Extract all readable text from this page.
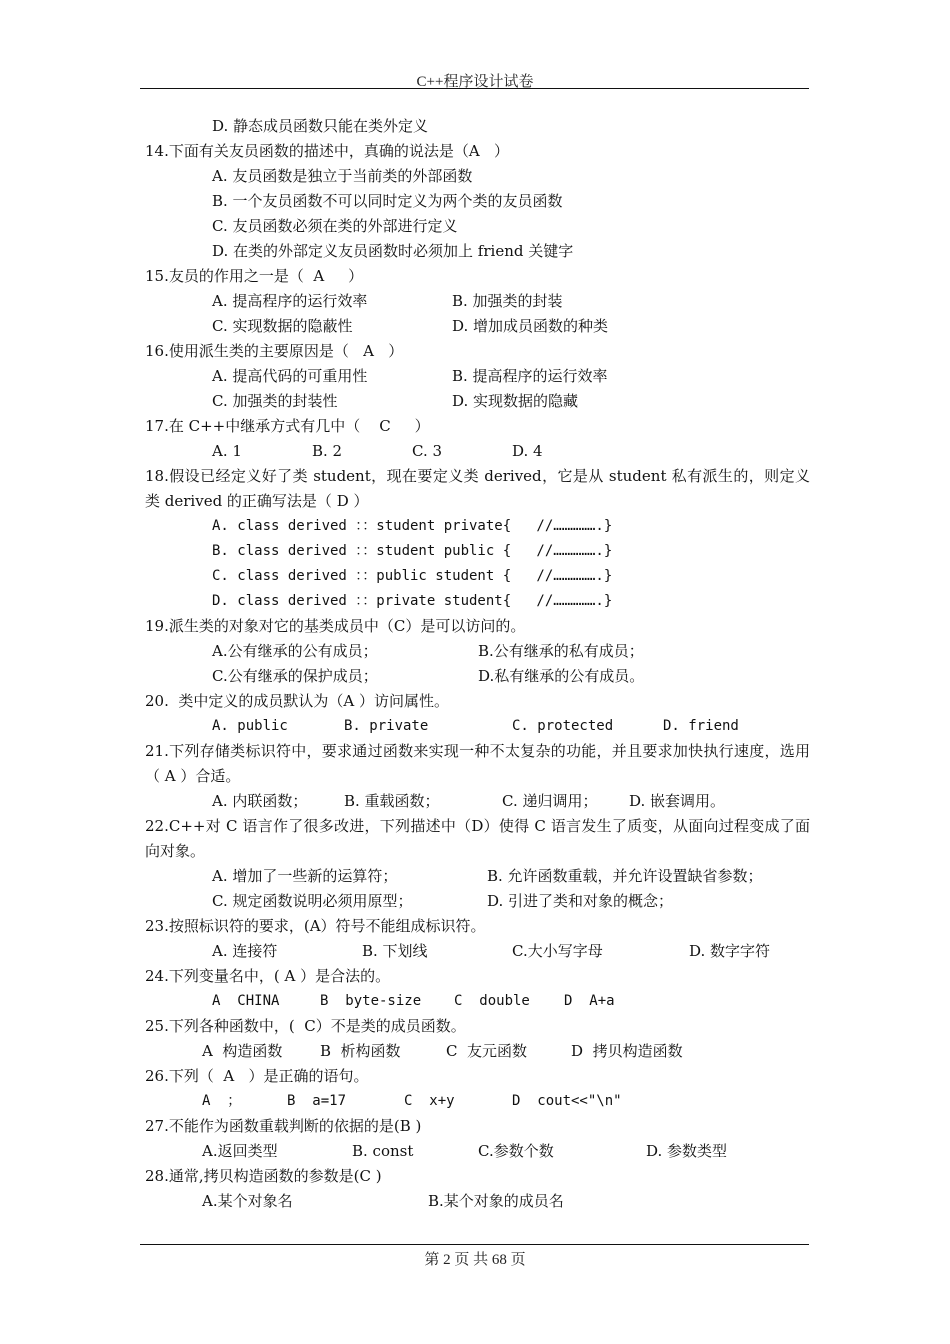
C++程序设计试卷
D. 静态成员函数只能在类外定义
14.下面有关友员函数的描述中，真确的说法是（A   ）
A. 友员函数是独立于当前类的外部函数
B. 一个友员函数不可以同时定义为两个类的友员函数
C. 友员函数必须在类的外部进行定义
D. 在类的外部定义友员函数时必须加上 friend 关键字
15.友员的作用之一是（  A     ）

A. 提高程序的运行效率

	B. 加强类的封装

C. 实现数据的隐蔽性

	D. 增加成员函数的种类

16.使用派生类的主要原因是（   A   ）

A. 提高代码的可重用性

	B. 提高程序的运行效率

C. 加强类的封装性

	D. 实现数据的隐藏

17.在 C++中继承方式有几中（    C     ）

A. 1

	B. 2

	C. 3

	D. 4

18.假设已经定义好了类 student，现在要定义类 derived，它是从 student 私有派生的，则定义类 derived 的正确写法是（ D ）
A. class derived ：：student private{   //…………….}
B. class derived ：：student public {   //…………….}
C. class derived ：：public student {   //…………….}
D. class derived ：：private student{   //…………….}
19.派生类的对象对它的基类成员中（C）是可以访问的。

A.公有继承的公有成员；

	B.公有继承的私有成员；

C.公有继承的保护成员；

	D.私有继承的公有成员。

20.  类中定义的成员默认为（A ）访问属性。

A. public

	B. private

	C. protected

	D. friend

21.下列存储类标识符中，要求通过函数来实现一种不太复杂的功能，并且要求加快执行速度，选用（ A ）合适。

A. 内联函数；

B. 重载函数；

	C. 递归调用；

D. 嵌套调用。

22.C++对 C 语言作了很多改进，下列描述中（D）使得 C 语言发生了质变，从面向过程变成了面向对象。

A. 增加了一些新的运算符；

	B. 允许函数重载，并允许设置缺省参数；

C. 规定函数说明必须用原型；

	D. 引进了类和对象的概念；

23.按照标识符的要求，(A）符号不能组成标识符。

A. 连接符

	B. 下划线

	C.大小写字母

	D. 数字字符

24.下列变量名中，( A ）是合法的。

A  CHINA

	B  byte-size

C  double

D  A+a

25.下列各种函数中，(  C）不是类的成员函数。

A  构造函数

	B  析构函数

	C  友元函数

	D  拷贝构造函数

26.下列（  A   ）是正确的语句。

A  ；

	B  a=17

	C  x+y

	D  cout<<"\n"

27.不能作为函数重载判断的依据的是(B )

A.返回类型

	B. const

	C.参数个数

	D. 参数类型

28.通常,拷贝构造函数的参数是(C )

A.某个对象名

	B.某个对象的成员名

第 2 页 共 68 页
